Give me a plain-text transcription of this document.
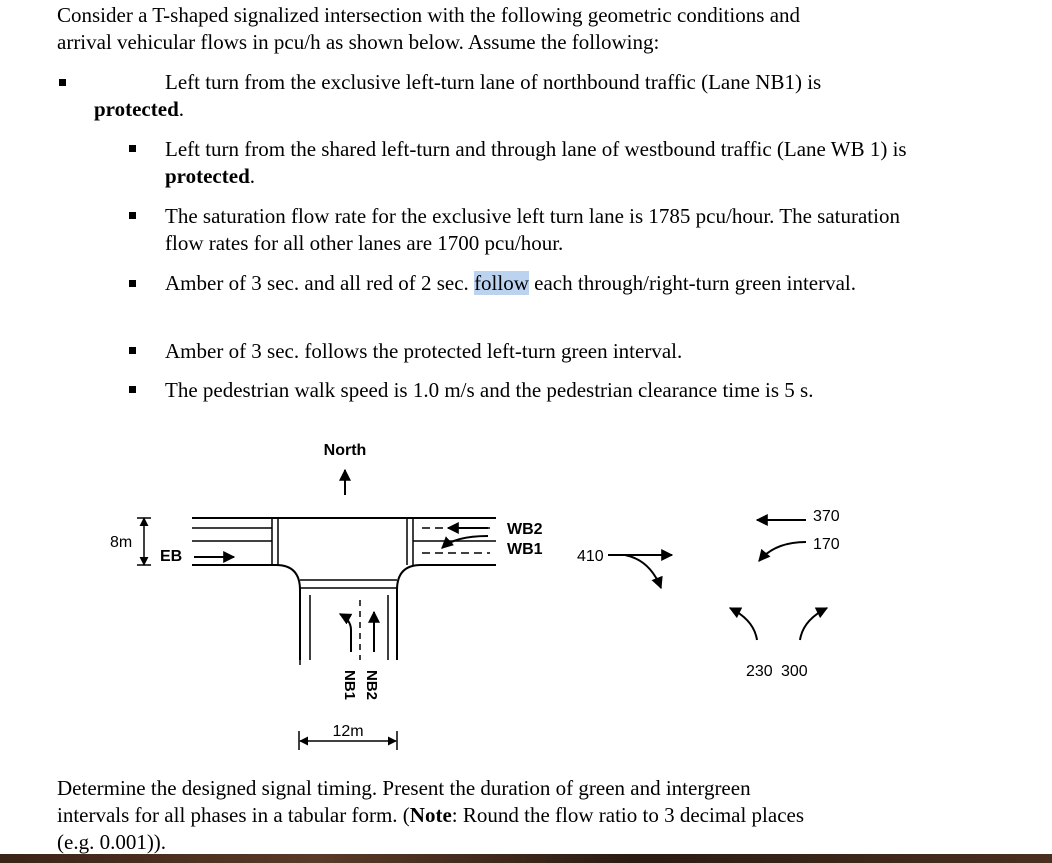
Consider a T-shaped signalized intersection with the following geometric conditions and
arrival vehicular flows in pcu/h as shown below. Assume the following:
Left turn from the exclusive left-turn lane of northbound traffic (Lane NB1) is
protected.
Left turn from the shared left-turn and through lane of westbound traffic (Lane WB 1) is protected.
The saturation flow rate for the exclusive left turn lane is 1785 pcu/hour. The saturation flow rates for all other lanes are 1700 pcu/hour.
Amber of 3 sec. and all red of 2 sec. follow each through/right-turn green interval.
Amber of 3 sec. follows the protected left-turn green interval.
The pedestrian walk speed is 1.0 m/s and the pedestrian clearance time is 5 s.
North
8m
EB
WB2
WB1
NB1 NB2
12m
410
370
170
230 300
Determine the designed signal timing. Present the duration of green and intergreen
intervals for all phases in a tabular form. (Note: Round the flow ratio to 3 decimal places
(e.g. 0.001)).
